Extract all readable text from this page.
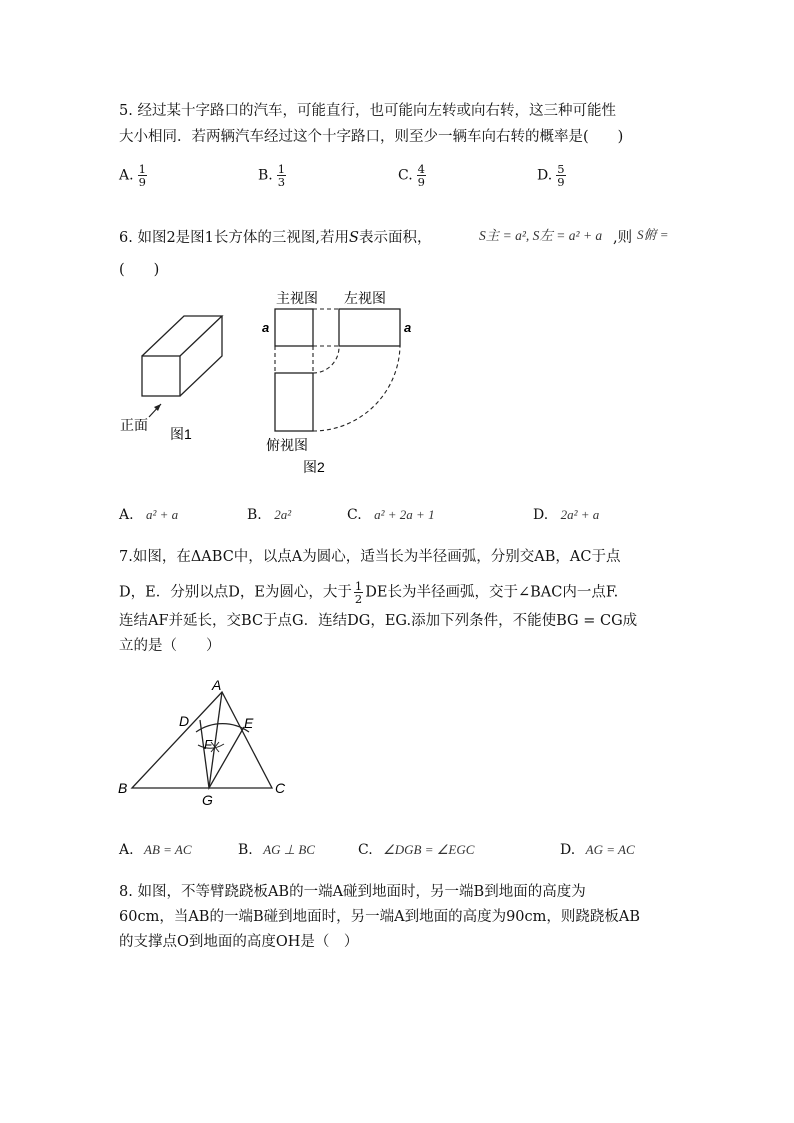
5. 经过某十字路口的汽车，可能直行，也可能向左转或向右转，这三种可能性
大小相同．若两辆汽车经过这个十字路口，则至少一辆车向右转的概率是(　　)
A. $\frac{1}{9}$	B. $\frac{1}{3}$	C. $\frac{4}{9}$	D. $\frac{5}{9}$
6. 如图2是图1长方体的三视图,若用S表示面积，	S主 = a², S左 = a² + a ,则 S俯 =
(　　)
正面
图1
主视图 左视图
a	a
俯视图
图2
A. a² + a	B. 2a²	C. a² + 2a + 1	D. 2a² + a
7.如图，在ΔABC中，以点A为圆心，适当长为半径画弧，分别交AB，AC于点
D，E．分别以点D，E为圆心，大于 $\frac{1}{2}$ DE长为半径画弧，交于∠BAC内一点F.
连结AF并延长，交BC于点G．连结DG，EG.添加下列条件，不能使BG = CG成
立的是（　　）
A
B	C
D	E
F
G
A. AB = AC	B. AG ⊥ BC	C. ∠DGB = ∠EGC	D. AG = AC
8. 如图，不等臂跷跷板AB的一端A碰到地面时，另一端B到地面的高度为
60cm，当AB的一端B碰到地面时，另一端A到地面的高度为90cm，则跷跷板AB
的支撑点O到地面的高度OH是（　）
